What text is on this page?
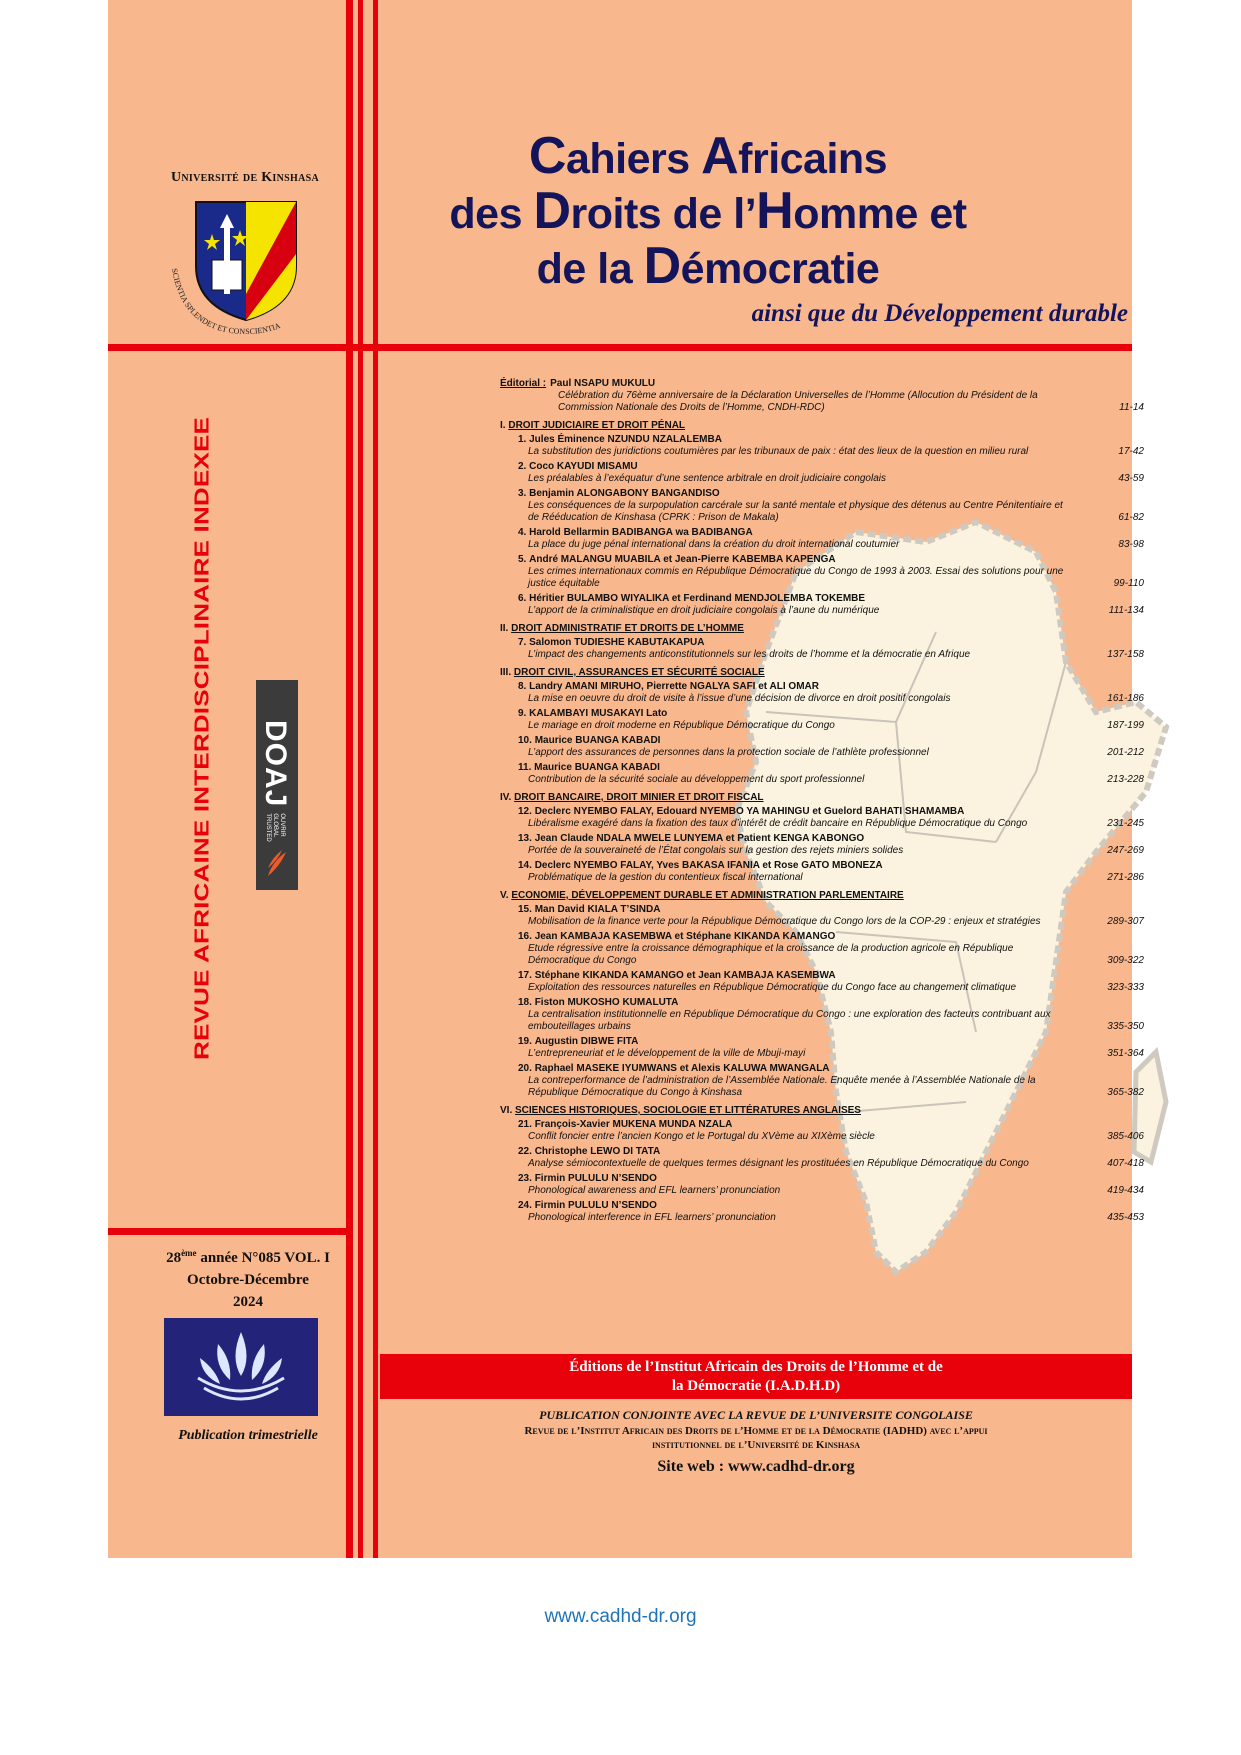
Université de Kinshasa
SCIENTIA SPLENDET ET CONSCIENTIA
REVUE AFRICAINE INTERDISCIPLINAIRE INDEXEE DOAJ
OUVRIR
GLOBAL
TRUSTED
28ème année N°085 VOL. I
Octobre-Décembre
2024
Publication trimestrielle
Cahiers Africains
des Droits de l’Homme et
de la Démocratie
ainsi que du Développement durable
Éditorial : Paul NSAPU MUKULU
Célébration du 76ème anniversaire de la Déclaration Universelles de l’Homme (Allocution du Président de la Commission Nationale des Droits de l’Homme, CNDH-RDC)	11-14
I. DROIT JUDICIAIRE ET DROIT PÉNAL
1. Jules Éminence NZUNDU NZALALEMBA
La substitution des juridictions coutumières par les tribunaux de paix : état des lieux de la question en milieu rural	17-42
2. Coco KAYUDI MISAMU
Les préalables à l’exéquatur d’une sentence arbitrale en droit judiciaire congolais	43-59
3. Benjamin ALONGABONY BANGANDISO
Les conséquences de la surpopulation carcérale sur la santé mentale et physique des détenus au Centre Pénitentiaire et de Rééducation de Kinshasa (CPRK : Prison de Makala)	61-82
4. Harold Bellarmin BADIBANGA wa BADIBANGA
La place du juge pénal international dans la création du droit international coutumier	83-98
5. André MALANGU MUABILA et Jean-Pierre KABEMBA KAPENGA
Les crimes internationaux commis en République Démocratique du Congo de 1993 à 2003. Essai des solutions pour une justice équitable	99-110
6. Héritier BULAMBO WIYALIKA et Ferdinand MENDJOLEMBA TOKEMBE
L’apport de la criminalistique en droit judiciaire congolais à l’aune du numérique	111-134
II. DROIT ADMINISTRATIF ET DROITS DE L’HOMME
7. Salomon TUDIESHE KABUTAKAPUA
L’impact des changements anticonstitutionnels sur les droits de l’homme et la démocratie en Afrique	137-158
III. DROIT CIVIL, ASSURANCES ET SÉCURITÉ SOCIALE
8. Landry AMANI MIRUHO, Pierrette NGALYA SAFI et ALI OMAR
La mise en oeuvre du droit de visite à l’issue d’une décision de divorce en droit positif congolais	161-186
9. KALAMBAYI MUSAKAYI Lato
Le mariage en droit moderne en République Démocratique du Congo	187-199
10. Maurice BUANGA KABADI
L’apport des assurances de personnes dans la protection sociale de l’athlète professionnel	201-212
11. Maurice BUANGA KABADI
Contribution de la sécurité sociale au développement du sport professionnel	213-228
IV. DROIT BANCAIRE, DROIT MINIER ET DROIT FISCAL
12. Declerc NYEMBO FALAY, Edouard NYEMBO YA MAHINGU et Guelord BAHATI SHAMAMBA
Libéralisme exagéré dans la fixation des taux d’intérêt de crédit bancaire en République Démocratique du Congo	231-245
13. Jean Claude NDALA MWELE LUNYEMA et Patient KENGA KABONGO
Portée de la souveraineté de l’État congolais sur la gestion des rejets miniers solides	247-269
14. Declerc NYEMBO FALAY, Yves BAKASA IFANIA et Rose GATO MBONEZA
Problématique de la gestion du contentieux fiscal international	271-286
V. ECONOMIE, DÉVELOPPEMENT DURABLE ET ADMINISTRATION PARLEMENTAIRE
15. Man David KIALA T’SINDA
Mobilisation de la finance verte pour la République Démocratique du Congo lors de la COP-29 : enjeux et stratégies	289-307
16. Jean KAMBAJA KASEMBWA et Stéphane KIKANDA KAMANGO
Etude régressive entre la croissance démographique et la croissance de la production agricole en République Démocratique du Congo	309-322
17. Stéphane KIKANDA KAMANGO et Jean KAMBAJA KASEMBWA
Exploitation des ressources naturelles en République Démocratique du Congo face au changement climatique	323-333
18. Fiston MUKOSHO KUMALUTA
La centralisation institutionnelle en République Démocratique du Congo : une exploration des facteurs contribuant aux embouteillages urbains	335-350
19. Augustin DIBWE FITA
L’entrepreneuriat et le développement de la ville de Mbuji-mayi	351-364
20. Raphael MASEKE IYUMWANS et Alexis KALUWA MWANGALA
La contreperformance de l’administration de l’Assemblée Nationale. Enquête menée à l’Assemblée Nationale de la République Démocratique du Congo à Kinshasa	365-382
VI. SCIENCES HISTORIQUES, SOCIOLOGIE ET LITTÉRATURES ANGLAISES
21. François-Xavier MUKENA MUNDA NZALA
Conflit foncier entre l’ancien Kongo et le Portugal du XVème au XIXème siècle	385-406
22. Christophe LEWO DI TATA
Analyse sémiocontextuelle de quelques termes désignant les prostituées en République Démocratique du Congo	407-418
23. Firmin PULULU N’SENDO
Phonological awareness and EFL learners’ pronunciation	419-434
24. Firmin PULULU N’SENDO
Phonological interference in EFL learners’ pronunciation	435-453
Éditions de l’Institut Africain des Droits de l’Homme et de
la Démocratie (I.A.D.H.D)
PUBLICATION CONJOINTE AVEC LA REVUE DE L’UNIVERSITE CONGOLAISE
Revue de l’Institut Africain des Droits de l’Homme et de la Démocratie (IADHD) avec l’appui
institutionnel de l’Université de Kinshasa
Site web : www.cadhd-dr.org
www.cadhd-dr.org
